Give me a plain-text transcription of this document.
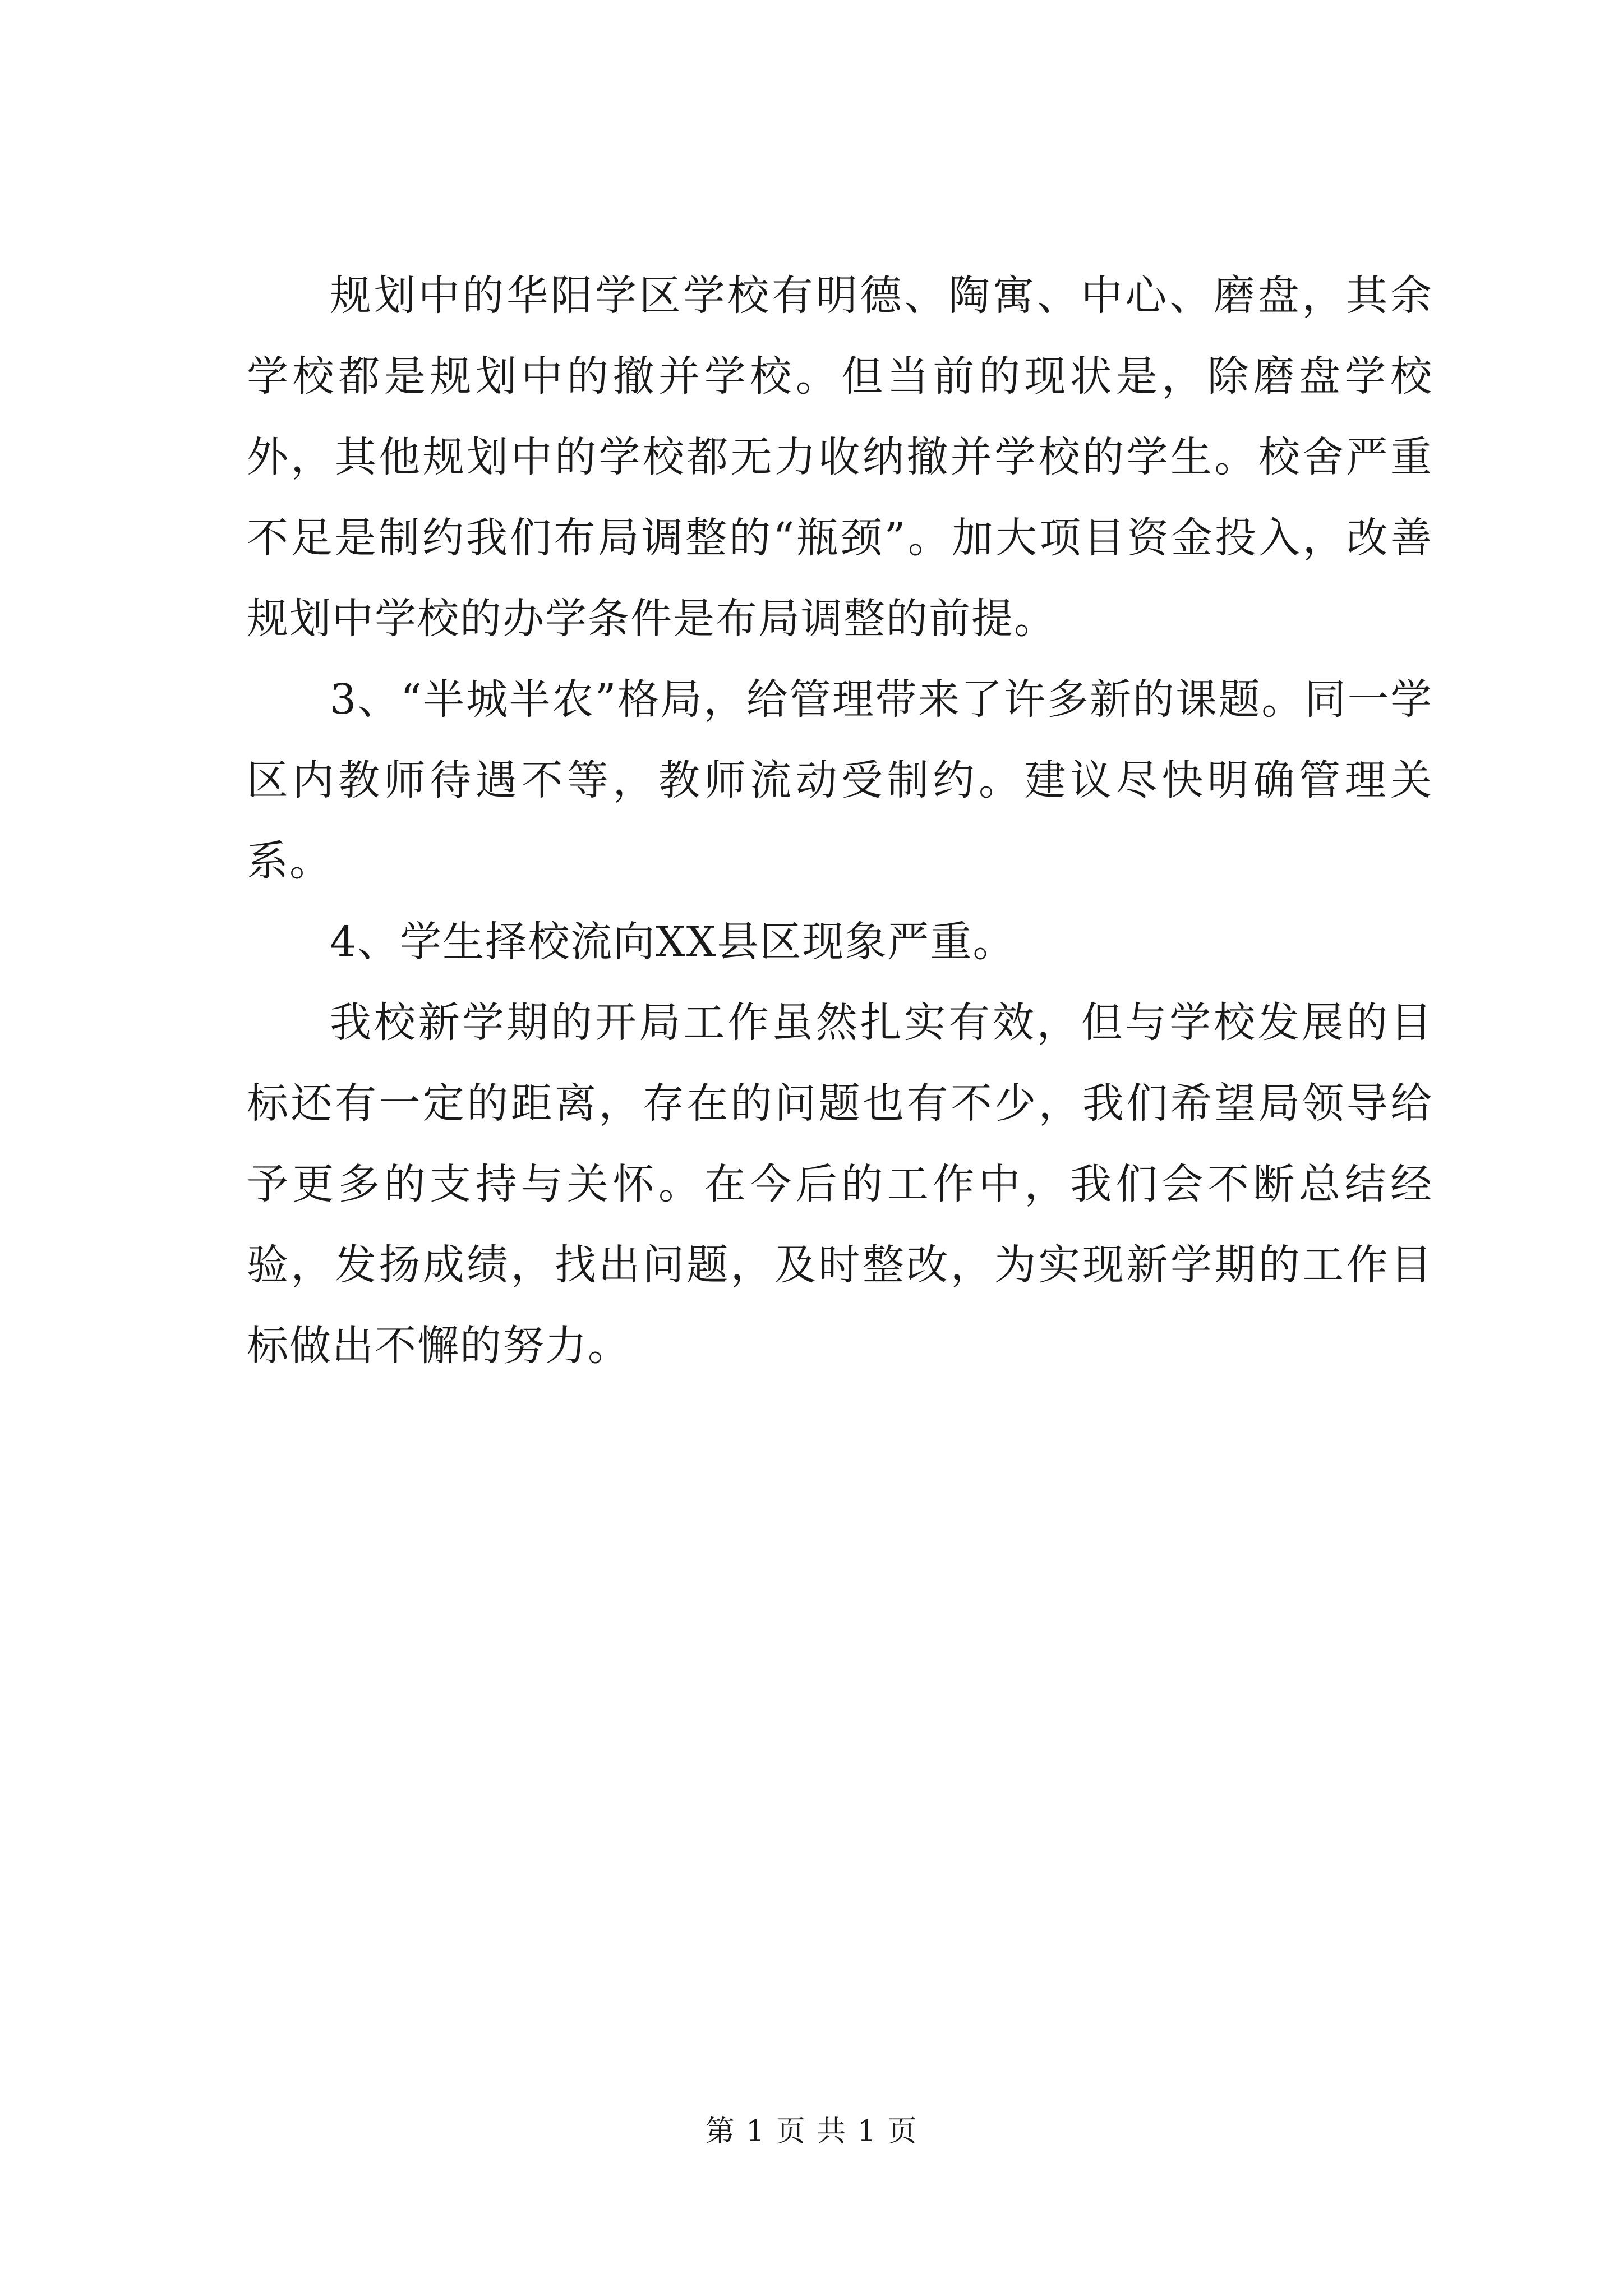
规划中的华阳学区学校有明德、陶寓、中心、磨盘，其余学校都是规划中的撤并学校。但当前的现状是，除磨盘学校外，其他规划中的学校都无力收纳撤并学校的学生。校舍严重不足是制约我们布局调整的“瓶颈”。加大项目资金投入，改善规划中学校的办学条件是布局调整的前提。

3、“半城半农”格局，给管理带来了许多新的课题。同一学区内教师待遇不等，教师流动受制约。建议尽快明确管理关系。

4、学生择校流向XX县区现象严重。

我校新学期的开局工作虽然扎实有效，但与学校发展的目标还有一定的距离，存在的问题也有不少，我们希望局领导给予更多的支持与关怀。在今后的工作中，我们会不断总结经验，发扬成绩，找出问题，及时整改，为实现新学期的工作目标做出不懈的努力。

第 1 页 共 1 页
